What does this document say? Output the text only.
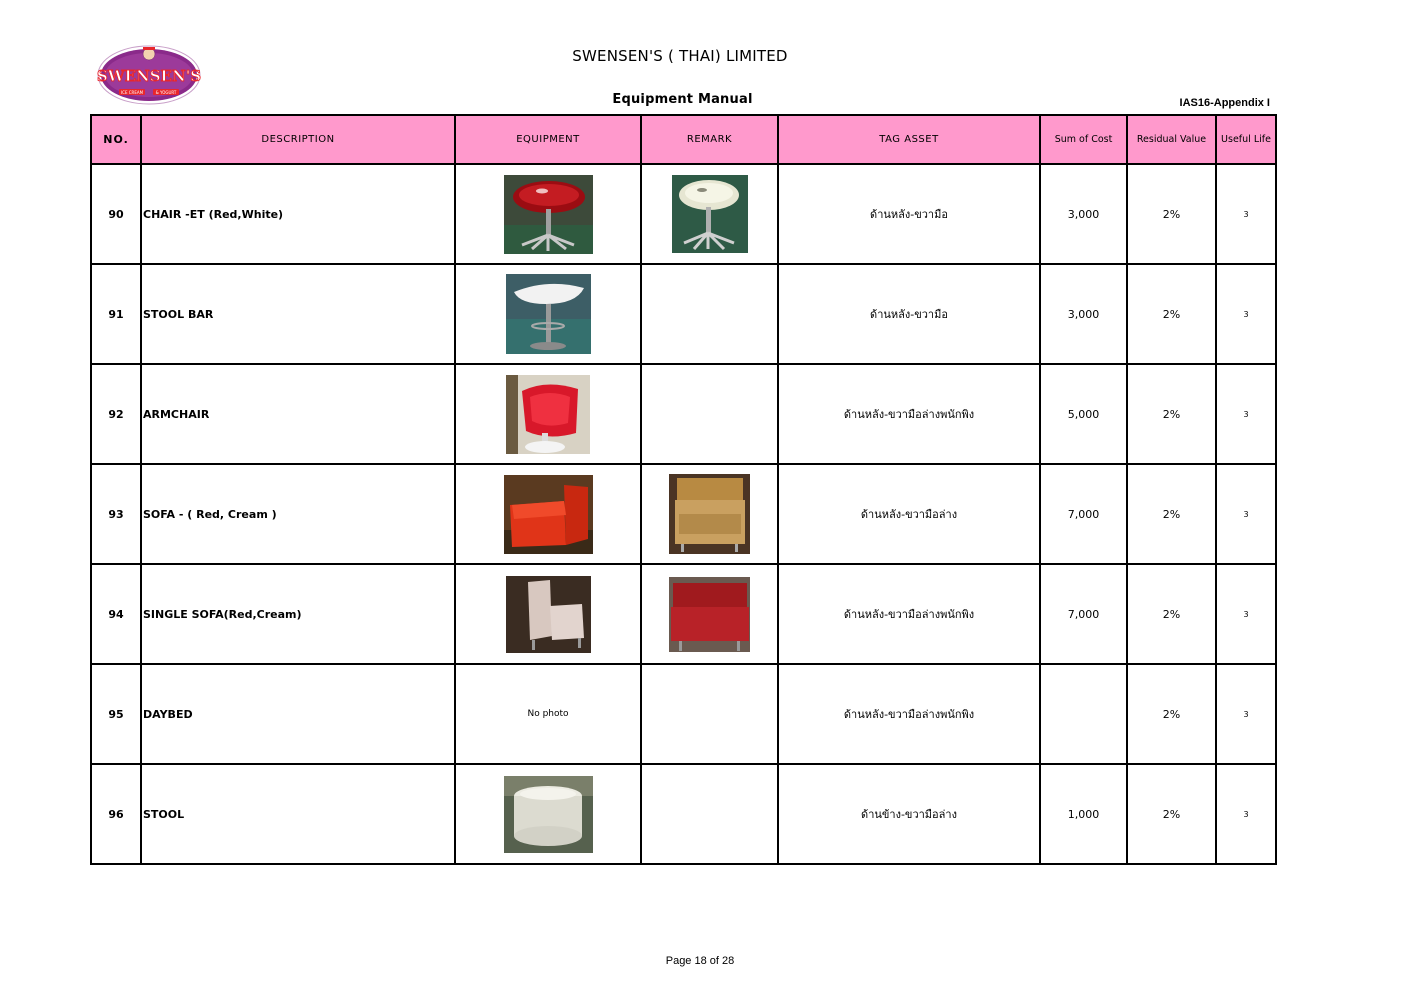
SWENSEN'S
ICE CREAM	& YOGURT
SWENSEN'S ( THAI) LIMITED
Equipment Manual	IAS16-Appendix I
NO.	DESCRIPTION	EQUIPMENT	REMARK	TAG ASSET	Sum of Cost	Residual Value	Useful Life
90	CHAIR -ET (Red,White)			ด้านหลัง-ขวามือ	3,000	2%	3
91	STOOL BAR			ด้านหลัง-ขวามือ	3,000	2%	3
92	ARMCHAIR			ด้านหลัง-ขวามือล่างพนักพิง	5,000	2%	3
93	SOFA - ( Red, Cream )			ด้านหลัง-ขวามือล่าง	7,000	2%	3
94	SINGLE SOFA(Red,Cream)			ด้านหลัง-ขวามือล่างพนักพิง	7,000	2%	3
95	DAYBED	No photo		ด้านหลัง-ขวามือล่างพนักพิง		2%	3
96	STOOL			ด้านข้าง-ขวามือล่าง	1,000	2%	3
Page 18 of 28
